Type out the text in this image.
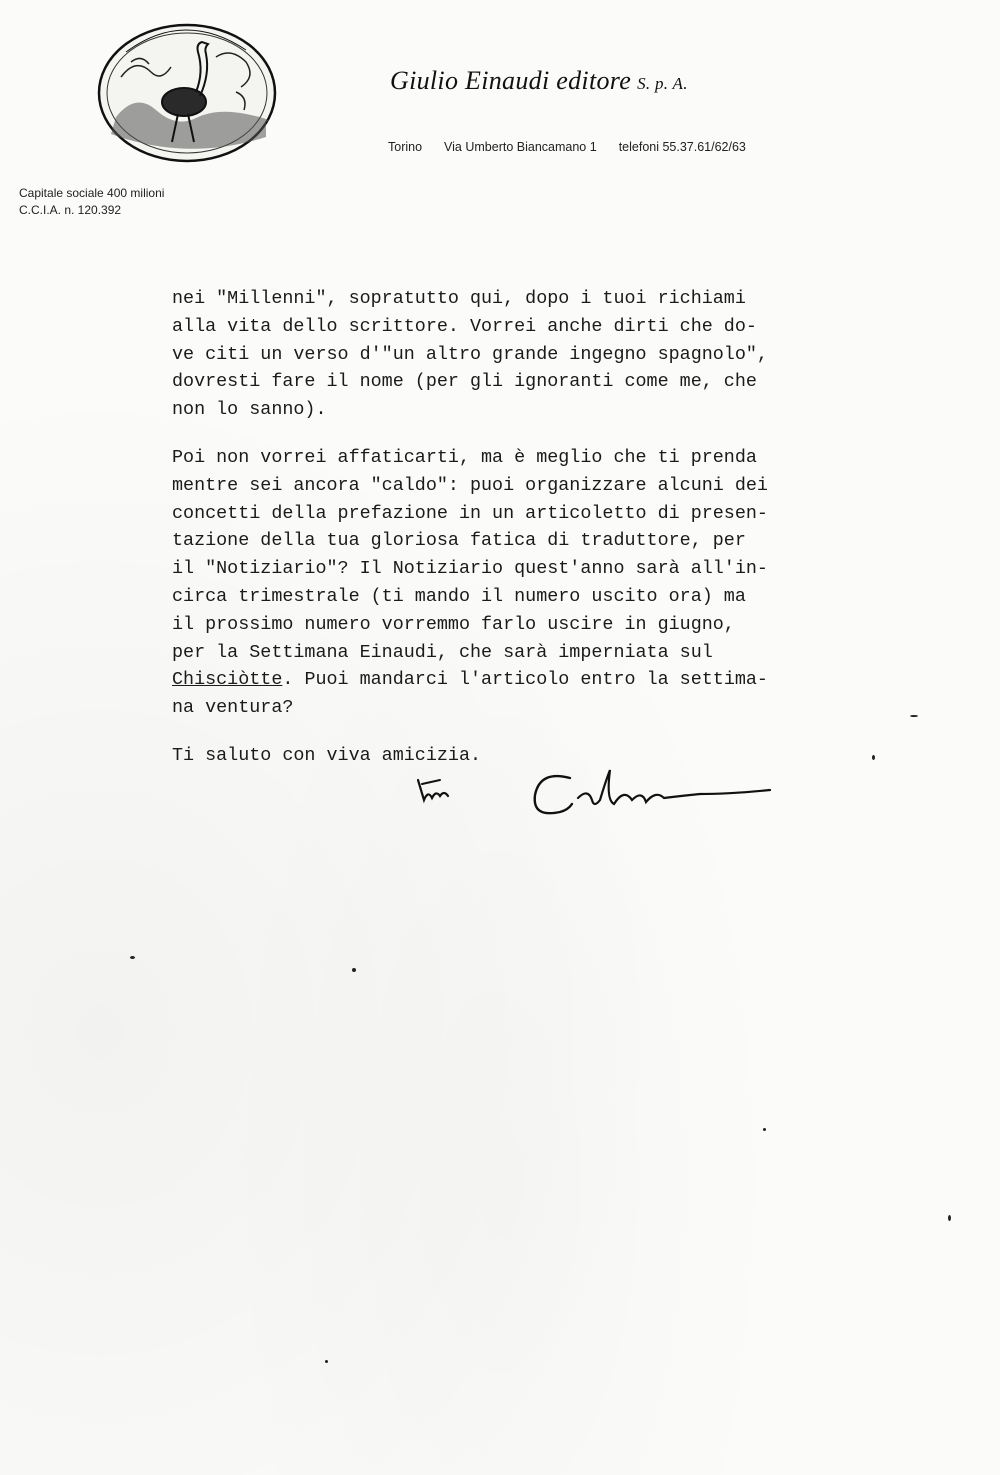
Giulio Einaudi editore S. p. A.
Torino Via Umberto Biancamano 1 telefoni 55.37.61/62/63
Capitale sociale 400 milioni
C.C.I.A. n. 120.392

nei "Millenni", sopratutto qui, dopo i tuoi richiami
alla vita dello scrittore. Vorrei anche dirti che do-
ve citi un verso d'"un altro grande ingegno spagnolo",
dovresti fare il nome (per gli ignoranti come me, che
non lo sanno).

Poi non vorrei affaticarti, ma è meglio che ti prenda
mentre sei ancora "caldo": puoi organizzare alcuni dei
concetti della prefazione in un articoletto di presen-
tazione della tua gloriosa fatica di traduttore, per
il "Notiziario"? Il Notiziario quest'anno sarà all'in-
circa trimestrale (ti mando il numero uscito ora) ma
il prossimo numero vorremmo farlo uscire in giugno,
per la Settimana Einaudi, che sarà imperniata sul
Chisciòtte. Puoi mandarci l'articolo entro la settima-
na ventura?

Ti saluto con viva amicizia.
